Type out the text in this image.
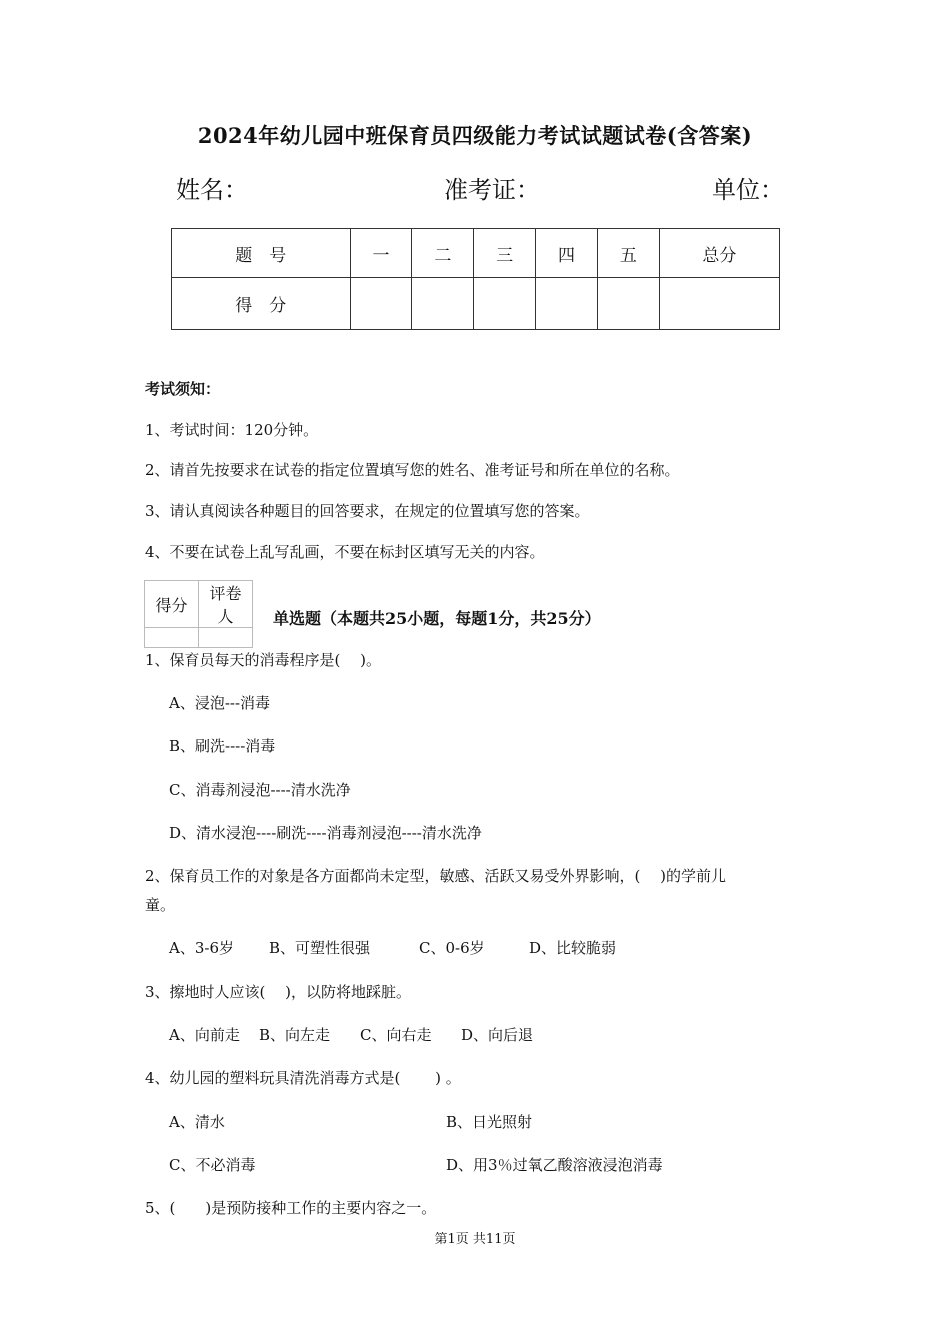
2024年幼儿园中班保育员四级能力考试试题试卷(含答案)
姓名：	准考证：	单位：
题　号	一	二	三	四	五	总分
得　分						
考试须知：
1、考试时间：120分钟。
2、请首先按要求在试卷的指定位置填写您的姓名、准考证号和所在单位的名称。
3、请认真阅读各种题目的回答要求，在规定的位置填写您的答案。
4、不要在试卷上乱写乱画，不要在标封区填写无关的内容。
得分	评卷人
	单选题（本题共25小题，每题1分，共25分）
1、保育员每天的消毒程序是(　 )。
A、浸泡---消毒
B、刷洗----消毒
C、消毒剂浸泡----清水洗净
D、清水浸泡----刷洗----消毒剂浸泡----清水洗净
2、保育员工作的对象是各方面都尚未定型，敏感、活跃又易受外界影响，(　 )的学前儿
童。
A、3-6岁 B、可塑性很强	C、0-6岁	D、比较脆弱
3、擦地时人应该(　 )，以防将地踩脏。
A、向前走 B、向左走 C、向右走 D、向后退
4、幼儿园的塑料玩具清洗消毒方式是(　　 ) 。
A、清水	B、日光照射
C、不必消毒	D、用3％过氧乙酸溶液浸泡消毒
5、(　　)是预防接种工作的主要内容之一。
第1页 共11页
